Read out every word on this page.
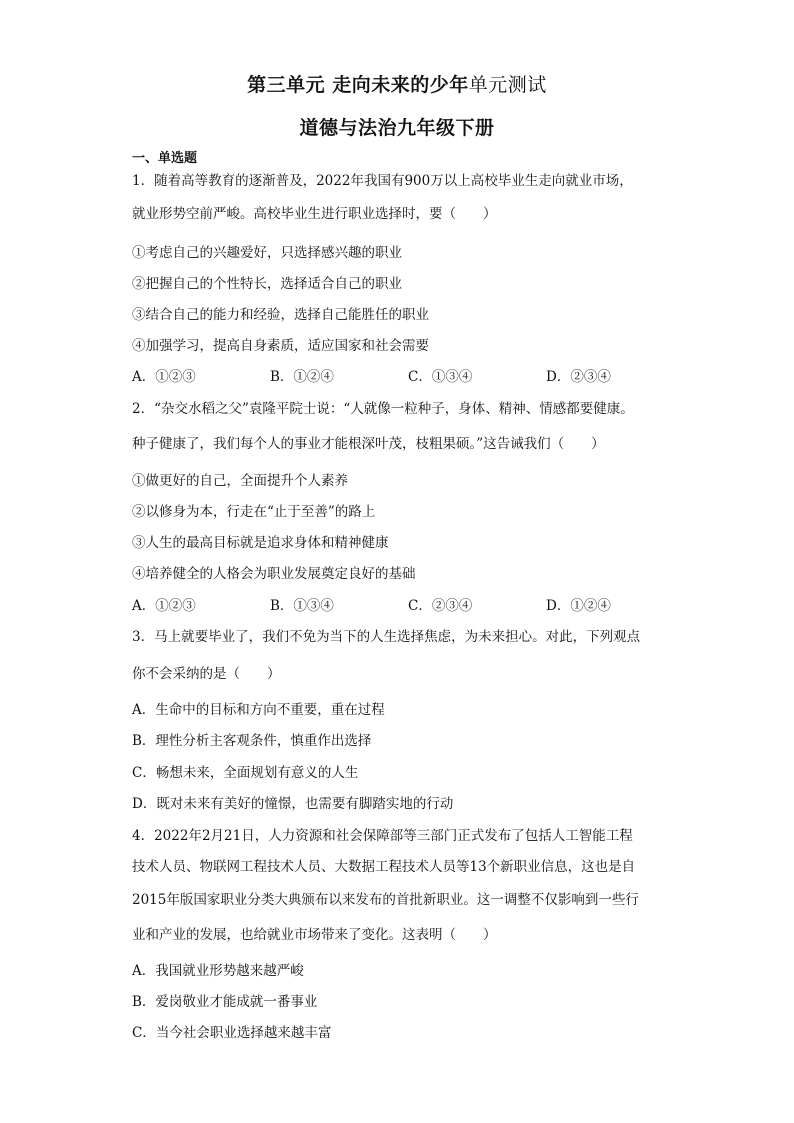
第三单元 走向未来的少年单元测试
道德与法治九年级下册
一、单选题
1．随着高等教育的逐渐普及，2022年我国有900万以上高校毕业生走向就业市场，
就业形势空前严峻。高校毕业生进行职业选择时，要（　　）
①考虑自己的兴趣爱好，只选择感兴趣的职业
②把握自己的个性特长，选择适合自己的职业
③结合自己的能力和经验，选择自己能胜任的职业
④加强学习，提高自身素质，适应国家和社会需要
A．①②③	B．①②④	C．①③④	D．②③④
2．“杂交水稻之父”袁隆平院士说：“人就像一粒种子，身体、精神、情感都要健康。
种子健康了，我们每个人的事业才能根深叶茂，枝粗果硕。”这告诫我们（　　）
①做更好的自己，全面提升个人素养
②以修身为本，行走在“止于至善”的路上
③人生的最高目标就是追求身体和精神健康
④培养健全的人格会为职业发展奠定良好的基础
A．①②③	B．①③④	C．②③④	D．①②④
3．马上就要毕业了，我们不免为当下的人生选择焦虑，为未来担心。对此，下列观点
你不会采纳的是（　　）
A．生命中的目标和方向不重要，重在过程
B．理性分析主客观条件，慎重作出选择
C．畅想未来，全面规划有意义的人生
D．既对未来有美好的憧憬，也需要有脚踏实地的行动
4．2022年2月21日，人力资源和社会保障部等三部门正式发布了包括人工智能工程
技术人员、物联网工程技术人员、大数据工程技术人员等13个新职业信息，这也是自
2015年版国家职业分类大典颁布以来发布的首批新职业。这一调整不仅影响到一些行
业和产业的发展，也给就业市场带来了变化。这表明（　　）
A．我国就业形势越来越严峻
B．爱岗敬业才能成就一番事业
C．当今社会职业选择越来越丰富
